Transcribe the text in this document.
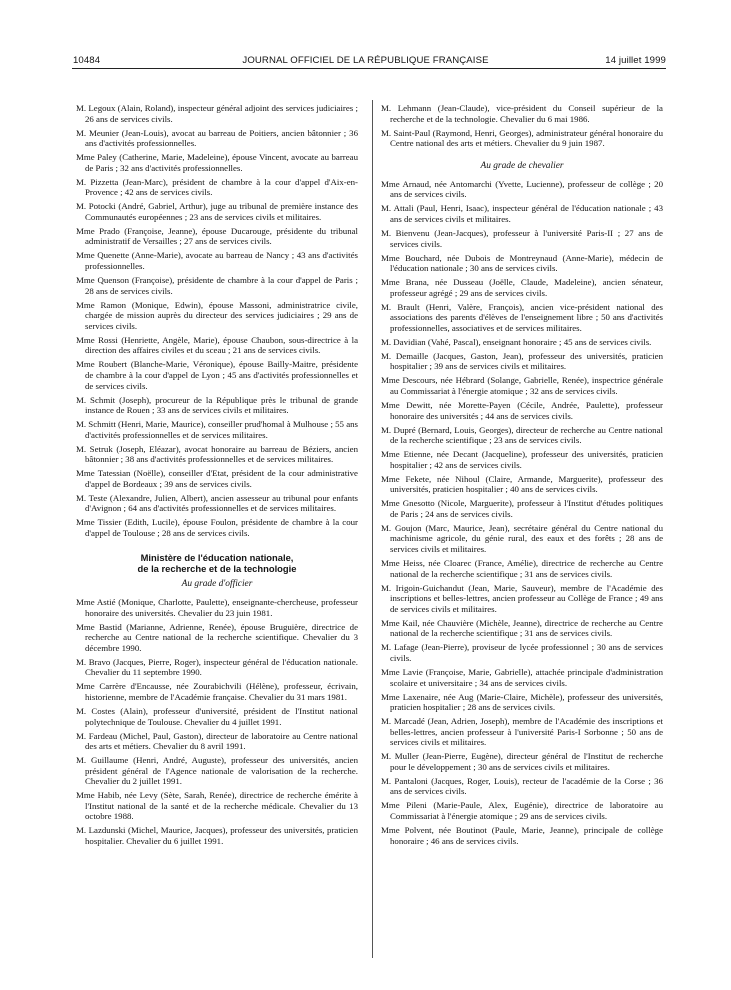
10484	JOURNAL OFFICIEL DE LA RÉPUBLIQUE FRANÇAISE	14 juillet 1999

M. Legoux (Alain, Roland), inspecteur général adjoint des services judiciaires ; 26 ans de services civils.

M. Meunier (Jean-Louis), avocat au barreau de Poitiers, ancien bâtonnier ; 36 ans d'activités professionnelles.

Mme Paley (Catherine, Marie, Madeleine), épouse Vincent, avocate au barreau de Paris ; 32 ans d'activités professionnelles.

M. Pizzetta (Jean-Marc), président de chambre à la cour d'appel d'Aix-en-Provence ; 42 ans de services civils.

M. Potocki (André, Gabriel, Arthur), juge au tribunal de première instance des Communautés européennes ; 23 ans de services civils et militaires.

Mme Prado (Françoise, Jeanne), épouse Ducarouge, présidente du tribunal administratif de Versailles ; 27 ans de services civils.

Mme Quenette (Anne-Marie), avocate au barreau de Nancy ; 43 ans d'activités professionnelles.

Mme Quenson (Françoise), présidente de chambre à la cour d'appel de Paris ; 28 ans de services civils.

Mme Ramon (Monique, Edwin), épouse Massoni, administratrice civile, chargée de mission auprès du directeur des services judiciaires ; 29 ans de services civils.

Mme Rossi (Henriette, Angèle, Marie), épouse Chaubon, sous-directrice à la direction des affaires civiles et du sceau ; 21 ans de services civils.

Mme Roubert (Blanche-Marie, Véronique), épouse Bailly-Maitre, présidente de chambre à la cour d'appel de Lyon ; 45 ans d'activités professionnelles et de services civils.

M. Schmit (Joseph), procureur de la République près le tribunal de grande instance de Rouen ; 33 ans de services civils et militaires.

M. Schmitt (Henri, Marie, Maurice), conseiller prud'homal à Mulhouse ; 55 ans d'activités professionnelles et de services militaires.

M. Setruk (Joseph, Eléazar), avocat honoraire au barreau de Béziers, ancien bâtonnier ; 38 ans d'activités professionnelles et de services militaires.

Mme Tatessian (Noëlle), conseiller d'Etat, président de la cour administrative d'appel de Bordeaux ; 39 ans de services civils.

M. Teste (Alexandre, Julien, Albert), ancien assesseur au tribunal pour enfants d'Avignon ; 64 ans d'activités professionnelles et de services militaires.

Mme Tissier (Edith, Lucile), épouse Foulon, présidente de chambre à la cour d'appel de Toulouse ; 28 ans de services civils.

Ministère de l'éducation nationale,
de la recherche et de la technologie
Au grade d'officier

Mme Astié (Monique, Charlotte, Paulette), enseignante-chercheuse, professeur honoraire des universités. Chevalier du 23 juin 1981.

Mme Bastid (Marianne, Adrienne, Renée), épouse Bruguière, directrice de recherche au Centre national de la recherche scientifique. Chevalier du 3 décembre 1990.

M. Bravo (Jacques, Pierre, Roger), inspecteur général de l'éducation nationale. Chevalier du 11 septembre 1990.

Mme Carrère d'Encausse, née Zourabichvili (Hélène), professeur, écrivain, historienne, membre de l'Académie française. Chevalier du 31 mars 1981.

M. Costes (Alain), professeur d'université, président de l'Institut national polytechnique de Toulouse. Chevalier du 4 juillet 1991.

M. Fardeau (Michel, Paul, Gaston), directeur de laboratoire au Centre national des arts et métiers. Chevalier du 8 avril 1991.

M. Guillaume (Henri, André, Auguste), professeur des universités, ancien président général de l'Agence nationale de valorisation de la recherche. Chevalier du 2 juillet 1991.

Mme Habib, née Levy (Sète, Sarah, Renée), directrice de recherche émérite à l'Institut national de la santé et de la recherche médicale. Chevalier du 13 octobre 1988.

M. Lazdunski (Michel, Maurice, Jacques), professeur des universités, praticien hospitalier. Chevalier du 6 juillet 1991.

M. Lehmann (Jean-Claude), vice-président du Conseil supérieur de la recherche et de la technologie. Chevalier du 6 mai 1986.

M. Saint-Paul (Raymond, Henri, Georges), administrateur général honoraire du Centre national des arts et métiers. Chevalier du 9 juin 1987.

Au grade de chevalier

Mme Arnaud, née Antomarchi (Yvette, Lucienne), professeur de collège ; 20 ans de services civils.

M. Attali (Paul, Henri, Isaac), inspecteur général de l'éducation nationale ; 43 ans de services civils et militaires.

M. Bienvenu (Jean-Jacques), professeur à l'université Paris-II ; 27 ans de services civils.

Mme Bouchard, née Dubois de Montreynaud (Anne-Marie), médecin de l'éducation nationale ; 30 ans de services civils.

Mme Brana, née Dusseau (Joëlle, Claude, Madeleine), ancien sénateur, professeur agrégé ; 29 ans de services civils.

M. Brault (Henri, Valère, François), ancien vice-président national des associations des parents d'élèves de l'enseignement libre ; 50 ans d'activités professionnelles, associatives et de services militaires.

M. Davidian (Vahé, Pascal), enseignant honoraire ; 45 ans de services civils.

M. Demaille (Jacques, Gaston, Jean), professeur des universités, praticien hospitalier ; 39 ans de services civils et militaires.

Mme Descours, née Hébrard (Solange, Gabrielle, Renée), inspectrice générale au Commissariat à l'énergie atomique ; 32 ans de services civils.

Mme Dewitt, née Morette-Payen (Cécile, Andrée, Paulette), professeur honoraire des universités ; 44 ans de services civils.

M. Dupré (Bernard, Louis, Georges), directeur de recherche au Centre national de la recherche scientifique ; 23 ans de services civils.

Mme Etienne, née Decant (Jacqueline), professeur des universités, praticien hospitalier ; 42 ans de services civils.

Mme Fekete, née Nihoul (Claire, Armande, Marguerite), professeur des universités, praticien hospitalier ; 40 ans de services civils.

Mme Gnesotto (Nicole, Marguerite), professeur à l'Institut d'études politiques de Paris ; 24 ans de services civils.

M. Goujon (Marc, Maurice, Jean), secrétaire général du Centre national du machinisme agricole, du génie rural, des eaux et des forêts ; 28 ans de services civils et militaires.

Mme Heiss, née Cloarec (France, Amélie), directrice de recherche au Centre national de la recherche scientifique ; 31 ans de services civils.

M. Irigoin-Guichandut (Jean, Marie, Sauveur), membre de l'Académie des inscriptions et belles-lettres, ancien professeur au Collège de France ; 49 ans de services civils et militaires.

Mme Kail, née Chauvière (Michèle, Jeanne), directrice de recherche au Centre national de la recherche scientifique ; 31 ans de services civils.

M. Lafage (Jean-Pierre), proviseur de lycée professionnel ; 30 ans de services civils.

Mme Lavie (Françoise, Marie, Gabrielle), attachée principale d'administration scolaire et universitaire ; 34 ans de services civils.

Mme Laxenaire, née Aug (Marie-Claire, Michèle), professeur des universités, praticien hospitalier ; 28 ans de services civils.

M. Marcadé (Jean, Adrien, Joseph), membre de l'Académie des inscriptions et belles-lettres, ancien professeur à l'université Paris-I Sorbonne ; 50 ans de services civils et militaires.

M. Muller (Jean-Pierre, Eugène), directeur général de l'Institut de recherche pour le développement ; 30 ans de services civils et militaires.

M. Pantaloni (Jacques, Roger, Louis), recteur de l'académie de la Corse ; 36 ans de services civils.

Mme Pileni (Marie-Paule, Alex, Eugénie), directrice de laboratoire au Commissariat à l'énergie atomique ; 29 ans de services civils.

Mme Polvent, née Boutinot (Paule, Marie, Jeanne), principale de collège honoraire ; 46 ans de services civils.
